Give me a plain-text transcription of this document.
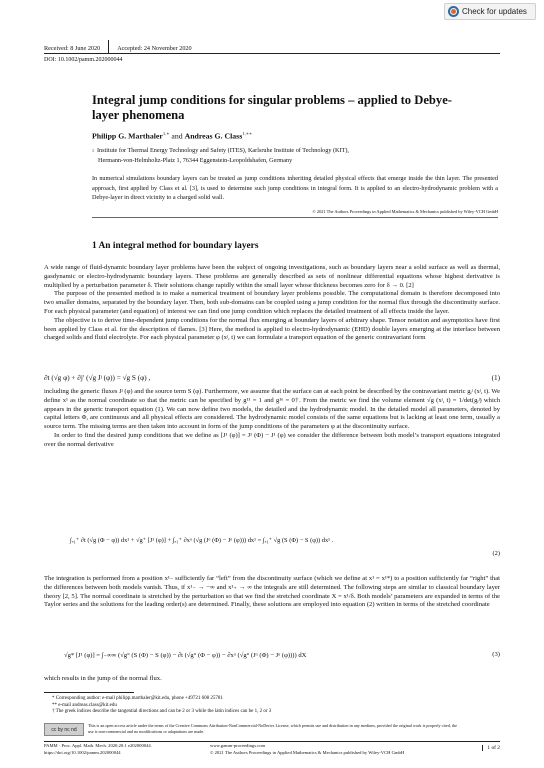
Check for updates
Received: 8 June 2020	Accepted: 24 November 2020
DOI: 10.1002/pamm.202000044
Integral jump conditions for singular problems – applied to Debye-layer phenomena
Philipp G. Marthaler$^{1,∗}$ and Andreas G. Class$^{1,∗∗}$
1 Institute for Thermal Energy Technology and Safety (ITES), Karlsruhe Institute of Technology (KIT),
Hermann-von-Helmholtz-Platz 1, 76344 Eggenstein-Leopoldshafen, Germany
In numerical simulations boundary layers can be treated as jump conditions inheriting detailed physical effects that emerge inside the thin layer. The presented approach, first applied by Class et al. [3], is used to determine such jump conditions in integral form. It is applied to an electro-hydrodynamic problem with a Debye-layer in direct vicinity to a charged solid wall.
© 2021 The Authors Proceedings in Applied Mathematics & Mechanics published by Wiley-VCH GmbH
1 An integral method for boundary layers

A wide range of fluid-dynamic boundary layer problems have been the subject of ongoing investigations, such as boundary layers near a solid surface as well as thermal, gasdynamic or electro-hydrodynamic boundary layers. These problems are generally described as sets of nonlinear differential equations whose highest derivative is multiplied by a perturbation parameter δ. Their solutions change rapidly within the small layer whose thickness becomes zero for δ → 0. [2]

The purpose of the presented method is to make a numerical treatment of boundary layer problems possible. The computational domain is therefore decomposed into two smaller domains, separated by the boundary layer. Then, both sub-domains can be coupled using a jump condition for the normal flux through the discontinuity surface. For each physical parameter (and equation) of interest we can find one jump condition which replaces the detailed treatment of all effects inside the layer.

The objective is to derive time-dependent jump conditions for the normal flux emerging at boundary layers of arbitrary shape. Tensor notation and asymptotics have first been applied by Class et al. for the description of flames. [3] Here, the method is applied to electro-hydrodynamic (EHD) double layers emerging at the interface between charged solids and fluid electrolyte. For each physical parameter φ (xʲ, t) we can formulate a transport equation of the generic contravariant form

∂t (√g φ) + ∂jʹ (√g Jʲ (φ)) = √g S (φ) ,	(1)

including the generic fluxes Jʲ (φ) and the source term S (φ). Furthermore, we assume that the surface can at each point be described by the contravariant metric gᵢʲ (xʲ, t). We define x¹ as the normal coordinate so that the metric can be specified by g¹¹ = 1 and g¹ᵅ = 0†. From the metric we find the volume element √g (xʲ, t) = 1/det(gᵢʲ) which appears in the generic transport equation (1). We can now define two models, the detailed and the hydrodynamic model. In the detailed model all parameters, denoted by capital letters Φ, are continuous and all physical effects are considered. The hydrodynamic model consists of the same equations but is lacking at least one term, usually a source term. The missing terms are then taken into account in form of the jump conditions of the parameters φ at the discontinuity surface.

In order to find the desired jump conditions that we define as [J¹ (φ)] = J¹ (Φ) − J¹ (φ) we consider the difference between both model’s transport equations integrated over the normal derivative

∫ₓ₁⁺ ∂t (√g (Φ − φ)) dx¹ + √g⁺ [J¹ (φ)] + ∫ₓ₁⁺ ∂xᵅ (√g (Jᵅ (Φ) − Jᵅ (φ))) dx¹ = ∫ₓ₁⁺ √g (S (Φ) − S (φ)) dx¹ .
(2)

The integration is performed from a position x¹₋ sufficiently far “left” from the discontinuity surface (which we define at x¹ = x¹*) to a position sufficiently far “right” that the differences between both models vanish. Thus, if x¹₋ → −∞ and x¹₊ → ∞ the integrals are still determined. The following steps are similar to classical boundary layer theory [2, 5]. The normal coordinate is stretched by the perturbation so that we find the stretched coordinate X = x¹/δ. Both models’ parameters are expanded in terms of the Taylor series and the solutions for the leading order(s) are determined. Finally, these solutions are employed into equation (2) written in terms of the stretched coordinate

√g* [J¹ (φ)] = ∫₋∞∞ (√g° (S (Φ) − S (φ)) − ∂t (√g° (Φ − φ)) − ∂xᵅ (√g° (Jᵅ (Φ) − Jᵅ (φ)))) dX	(3)

which results in the jump of the normal flux.

* Corresponding author: e-mail philipp.marthaler@kit.edu, phone +49721 608 25781
** e-mail andreas.class@kit.edu
† The greek indices describe the tangential directions and can be 2 or 3 while the latin indices can be 1, 2 or 3
cc by nc nd
This is an open access article under the terms of the Creative Commons Attribution-NonCommercial-NoDerivs License, which permits use and distribution in any medium, provided the original work is properly cited, the use is non-commercial and no modifications or adaptations are made.
PAMM · Proc. Appl. Math. Mech. 2020;20:1 e202000044.
https://doi.org/10.1002/pamm.202000044
www.gamm-proceedings.com
© 2021 The Authors Proceedings in Applied Mathematics & Mechanics published by Wiley-VCH GmbH
1 of 2
